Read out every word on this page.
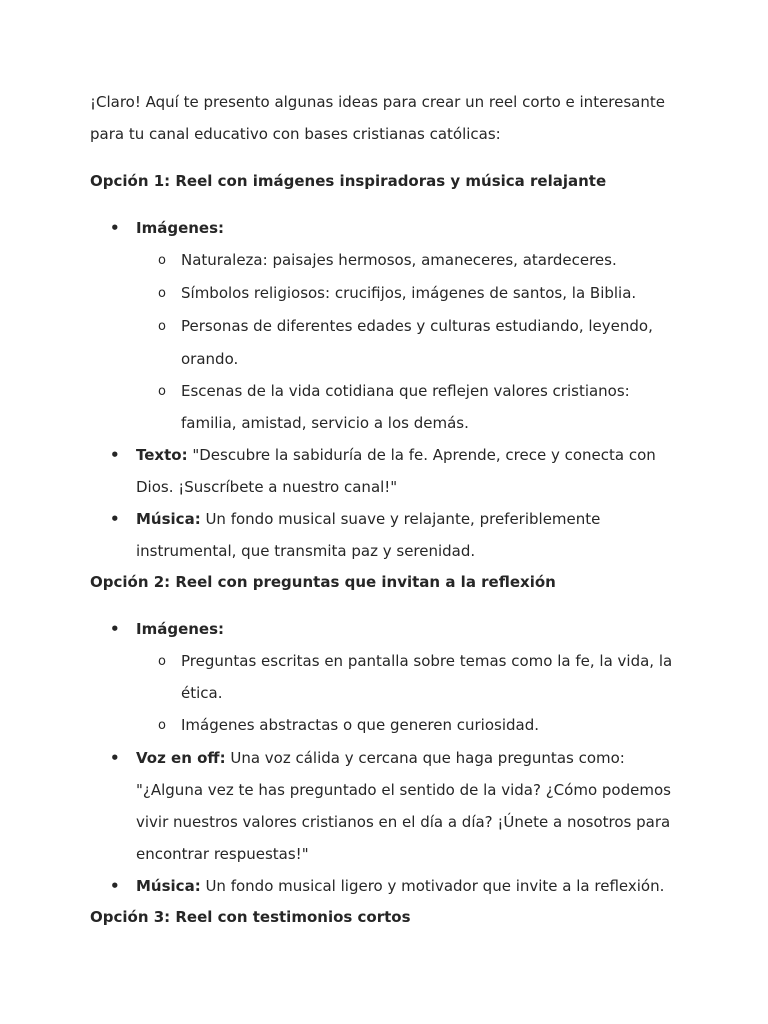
¡Claro! Aquí te presento algunas ideas para crear un reel corto e interesante
para tu canal educativo con bases cristianas católicas:
Opción 1: Reel con imágenes inspiradoras y música relajante
• Imágenes:
o Naturaleza: paisajes hermosos, amaneceres, atardeceres.
o Símbolos religiosos: crucifijos, imágenes de santos, la Biblia.
o Personas de diferentes edades y culturas estudiando, leyendo,
orando.
o Escenas de la vida cotidiana que reflejen valores cristianos:
familia, amistad, servicio a los demás.
• Texto: "Descubre la sabiduría de la fe. Aprende, crece y conecta con
Dios. ¡Suscríbete a nuestro canal!"
• Música: Un fondo musical suave y relajante, preferiblemente
instrumental, que transmita paz y serenidad.
Opción 2: Reel con preguntas que invitan a la reflexión
• Imágenes:
o Preguntas escritas en pantalla sobre temas como la fe, la vida, la
ética.
o Imágenes abstractas o que generen curiosidad.
• Voz en off: Una voz cálida y cercana que haga preguntas como:
"¿Alguna vez te has preguntado el sentido de la vida? ¿Cómo podemos
vivir nuestros valores cristianos en el día a día? ¡Únete a nosotros para
encontrar respuestas!"
• Música: Un fondo musical ligero y motivador que invite a la reflexión.
Opción 3: Reel con testimonios cortos
